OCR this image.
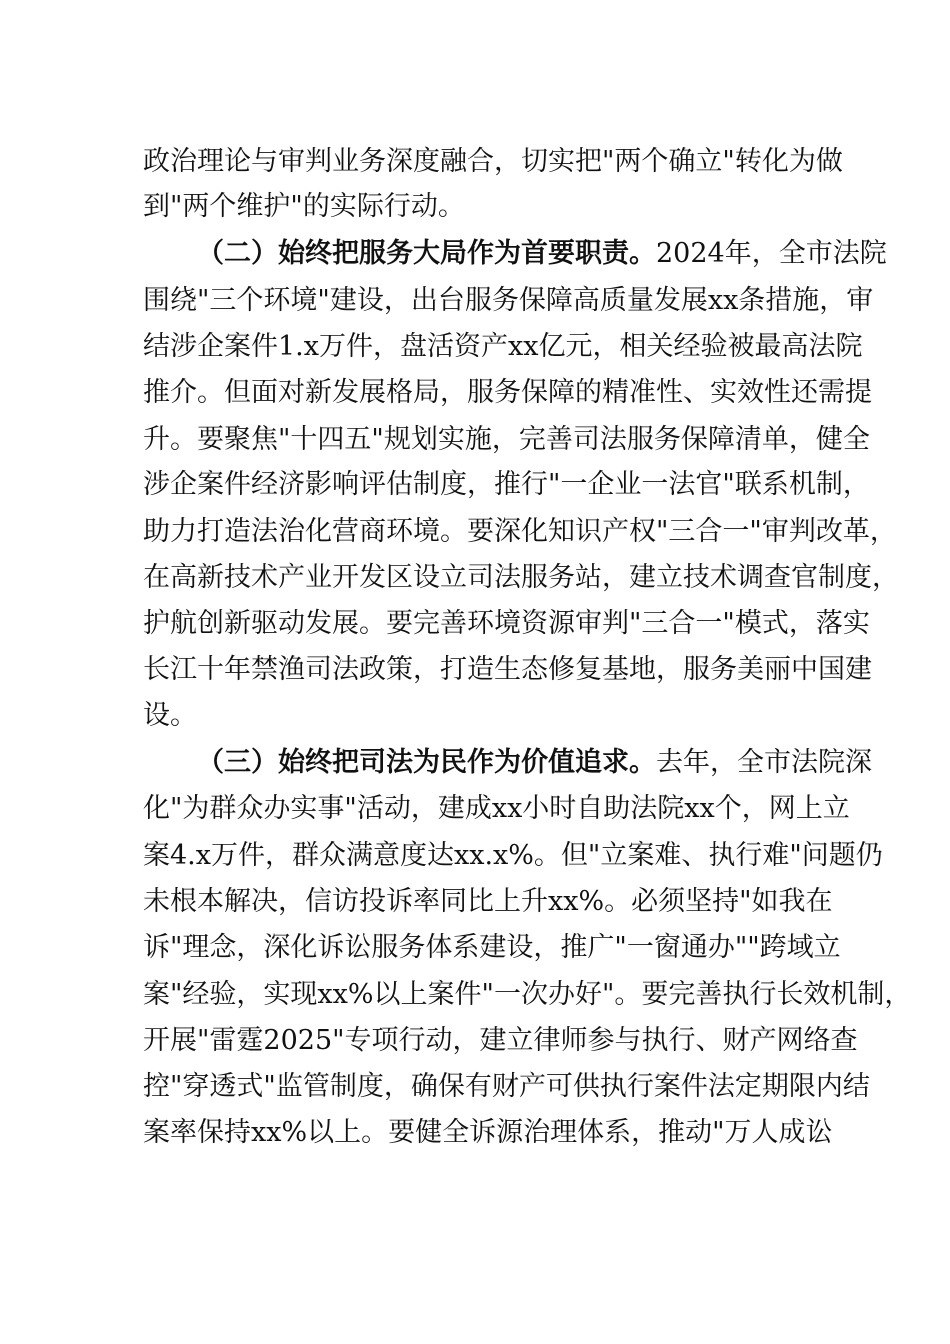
政治理论与审判业务深度融合，切实把"两个确立"转化为做
到"两个维护"的实际行动。
（二）始终把服务大局作为首要职责。2024年，全市法院
围绕"三个环境"建设，出台服务保障高质量发展xx条措施，审
结涉企案件1.x万件，盘活资产xx亿元，相关经验被最高法院
推介。但面对新发展格局，服务保障的精准性、实效性还需提
升。要聚焦"十四五"规划实施，完善司法服务保障清单，健全
涉企案件经济影响评估制度，推行"一企业一法官"联系机制，
助力打造法治化营商环境。要深化知识产权"三合一"审判改革，
在高新技术产业开发区设立司法服务站，建立技术调查官制度，
护航创新驱动发展。要完善环境资源审判"三合一"模式，落实
长江十年禁渔司法政策，打造生态修复基地，服务美丽中国建
设。
（三）始终把司法为民作为价值追求。去年，全市法院深
化"为群众办实事"活动，建成xx小时自助法院xx个，网上立
案4.x万件，群众满意度达xx.x%。但"立案难、执行难"问题仍
未根本解决，信访投诉率同比上升xx%。必须坚持"如我在
诉"理念，深化诉讼服务体系建设，推广"一窗通办""跨域立
案"经验，实现xx%以上案件"一次办好"。要完善执行长效机制，
开展"雷霆2025"专项行动，建立律师参与执行、财产网络查
控"穿透式"监管制度，确保有财产可供执行案件法定期限内结
案率保持xx%以上。要健全诉源治理体系，推动"万人成讼
